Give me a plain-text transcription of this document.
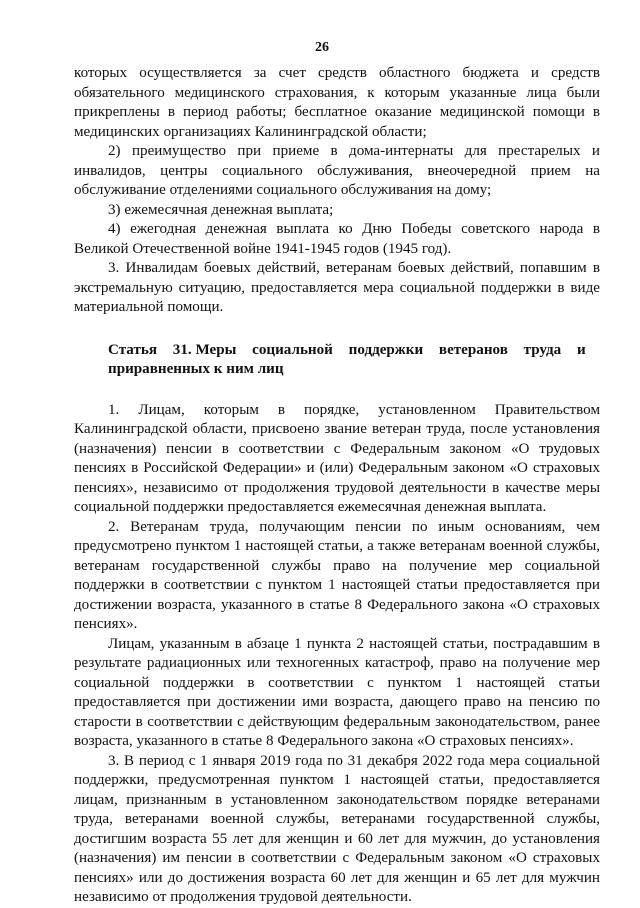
26

которых осуществляется за счет средств областного бюджета и средств обязательного медицинского страхования, к которым указанные лица были прикреплены в период работы; бесплатное оказание медицинской помощи в медицинских организациях Калининградской области;

2) преимущество при приеме в дома-интернаты для престарелых и инвалидов, центры социального обслуживания, внеочередной прием на обслуживание отделениями социального обслуживания на дому;

3) ежемесячная денежная выплата;

4) ежегодная денежная выплата ко Дню Победы советского народа в Великой Отечественной войне 1941-1945 годов (1945 год).

3. Инвалидам боевых действий, ветеранам боевых действий, попавшим в экстремальную ситуацию, предоставляется мера социальной поддержки в виде материальной помощи.

Статья 31. Меры социальной поддержки ветеранов труда и
приравненных к ним лиц

1. Лицам, которым в порядке, установленном Правительством Калининградской области, присвоено звание ветеран труда, после установления (назначения) пенсии в соответствии с Федеральным законом «О трудовых пенсиях в Российской Федерации» и (или) Федеральным законом «О страховых пенсиях», независимо от продолжения трудовой деятельности в качестве меры социальной поддержки предоставляется ежемесячная денежная выплата.

2. Ветеранам труда, получающим пенсии по иным основаниям, чем предусмотрено пунктом 1 настоящей статьи, а также ветеранам военной службы, ветеранам государственной службы право на получение мер социальной поддержки в соответствии с пунктом 1 настоящей статьи предоставляется при достижении возраста, указанного в статье 8 Федерального закона «О страховых пенсиях».

Лицам, указанным в абзаце 1 пункта 2 настоящей статьи, пострадавшим в результате радиационных или техногенных катастроф, право на получение мер социальной поддержки в соответствии с пунктом 1 настоящей статьи предоставляется при достижении ими возраста, дающего право на пенсию по старости в соответствии с действующим федеральным законодательством, ранее возраста, указанного в статье 8 Федерального закона «О страховых пенсиях».

3. В период с 1 января 2019 года по 31 декабря 2022 года мера социальной поддержки, предусмотренная пунктом 1 настоящей статьи, предоставляется лицам, признанным в установленном законодательством порядке ветеранами труда, ветеранами военной службы, ветеранами государственной службы, достигшим возраста 55 лет для женщин и 60 лет для мужчин, до установления (назначения) им пенсии в соответствии с Федеральным законом «О страховых пенсиях» или до достижения возраста 60 лет для женщин и 65 лет для мужчин независимо от продолжения трудовой деятельности.
